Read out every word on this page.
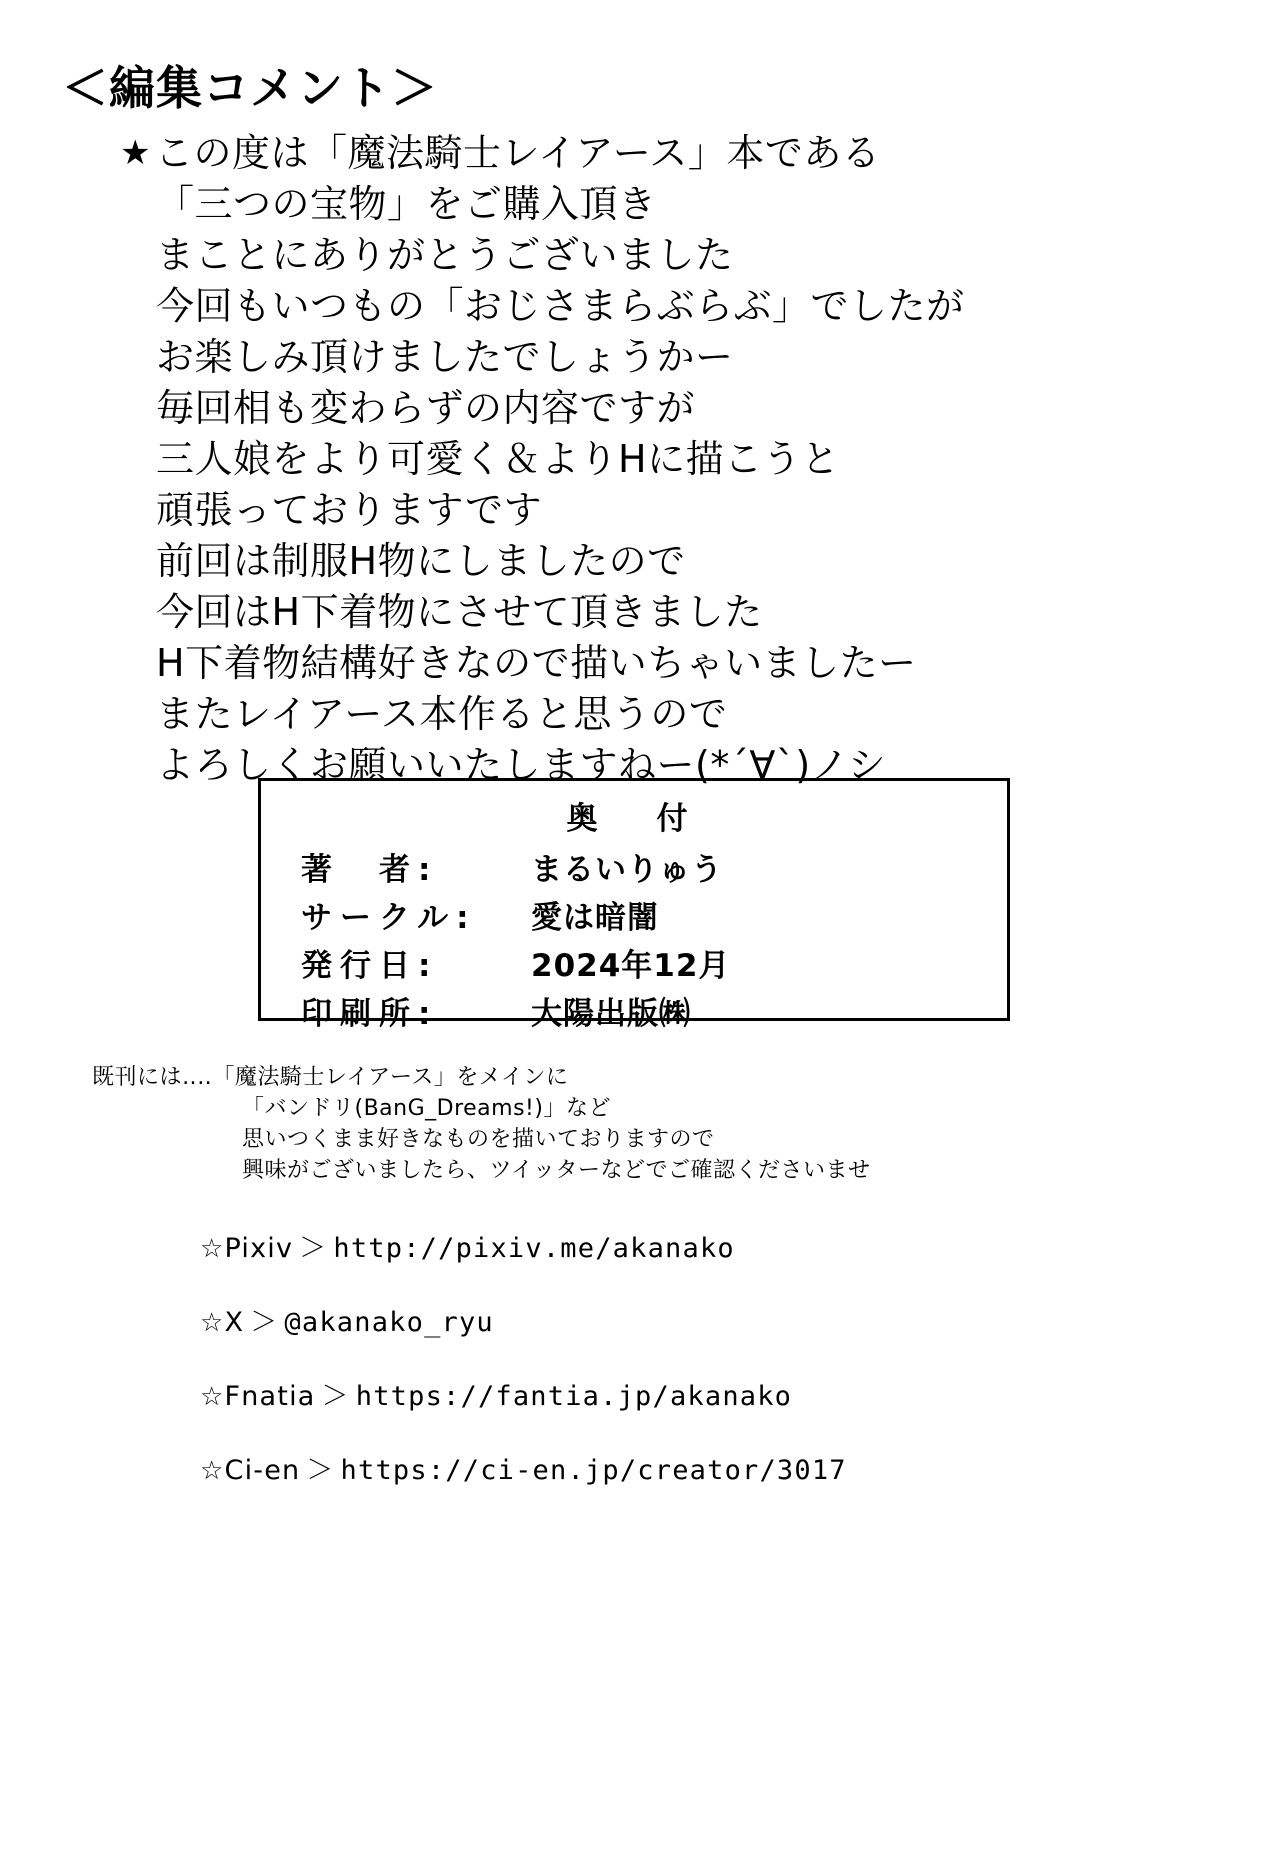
＜編集コメント＞
★ この度は「魔法騎士レイアース」本である
「三つの宝物」をご購入頂き
まことにありがとうございました
今回もいつもの「おじさまらぶらぶ」でしたが
お楽しみ頂けましたでしょうかー
毎回相も変わらずの内容ですが
三人娘をより可愛く＆よりHに描こうと
頑張っておりますです
前回は制服H物にしましたので
今回はH下着物にさせて頂きました
H下着物結構好きなので描いちゃいましたー
またレイアース本作ると思うので
よろしくお願いいたしますねー(*´∀`)ノシ
奥　付
著　者:	まるいりゅう
サークル: 愛は暗闇
発行日:	2024年12月
印刷所:	大陽出版㈱
既刊には‥‥「魔法騎士レイアース」をメインに
「バンドリ(BanG_Dreams!)」など
思いつくまま好きなものを描いておりますので
興味がございましたら、ツイッターなどでご確認くださいませ
☆Pixiv ＞ http://pixiv.me/akanako
☆X ＞ @akanako_ryu
☆Fnatia ＞ https://fantia.jp/akanako
☆Ci-en ＞ https://ci-en.jp/creator/3017
